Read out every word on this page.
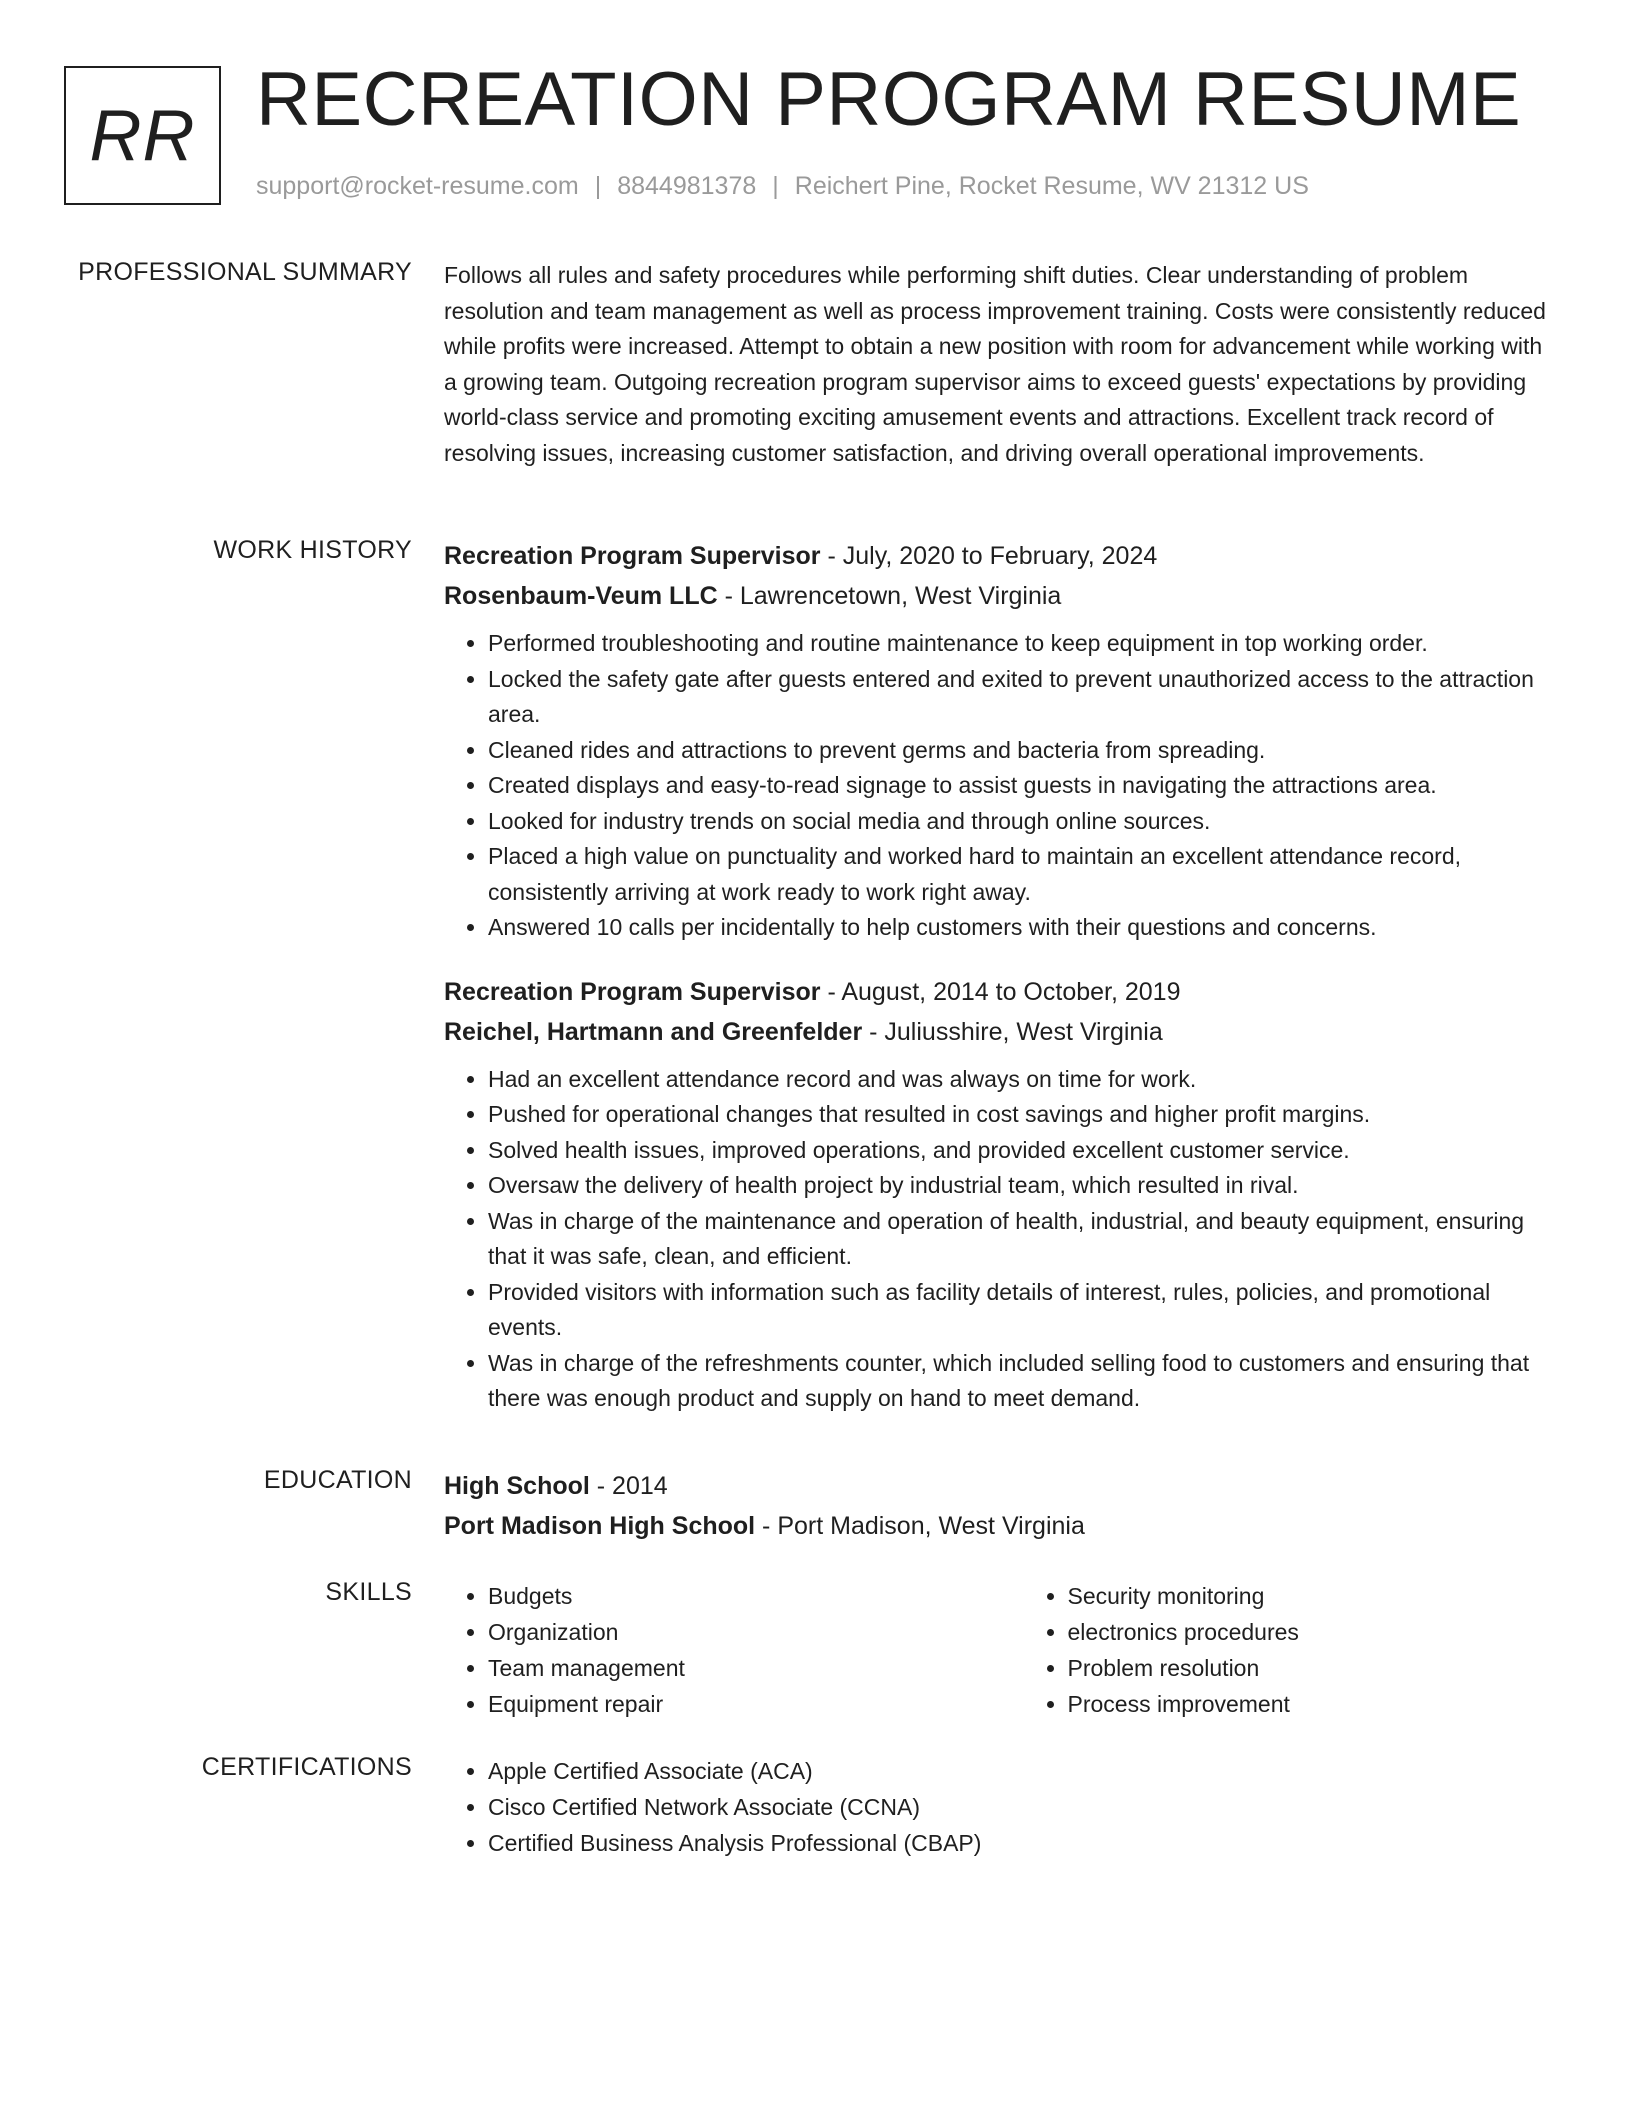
RR RECREATION PROGRAM RESUME
support@rocket-resume.com | 8844981378 | Reichert Pine, Rocket Resume, WV 21312 US
PROFESSIONAL SUMMARY Follows all rules and safety procedures while performing shift duties. Clear understanding of problem resolution and team management as well as process improvement training. Costs were consistently reduced while profits were increased. Attempt to obtain a new position with room for advancement while working with a growing team. Outgoing recreation program supervisor aims to exceed guests' expectations by providing world-class service and promoting exciting amusement events and attractions. Excellent track record of resolving issues, increasing customer satisfaction, and driving overall operational improvements.

WORK HISTORY Recreation Program Supervisor - July, 2020 to February, 2024
Rosenbaum-Veum LLC - Lawrencetown, West Virginia
• Performed troubleshooting and routine maintenance to keep equipment in top working order.
• Locked the safety gate after guests entered and exited to prevent unauthorized access to the attraction area.
• Cleaned rides and attractions to prevent germs and bacteria from spreading.
• Created displays and easy-to-read signage to assist guests in navigating the attractions area.
• Looked for industry trends on social media and through online sources.
• Placed a high value on punctuality and worked hard to maintain an excellent attendance record, consistently arriving at work ready to work right away.
• Answered 10 calls per incidentally to help customers with their questions and concerns.
Recreation Program Supervisor - August, 2014 to October, 2019
Reichel, Hartmann and Greenfelder - Juliusshire, West Virginia
• Had an excellent attendance record and was always on time for work.
• Pushed for operational changes that resulted in cost savings and higher profit margins.
• Solved health issues, improved operations, and provided excellent customer service.
• Oversaw the delivery of health project by industrial team, which resulted in rival.
• Was in charge of the maintenance and operation of health, industrial, and beauty equipment, ensuring that it was safe, clean, and efficient.
• Provided visitors with information such as facility details of interest, rules, policies, and promotional events.
• Was in charge of the refreshments counter, which included selling food to customers and ensuring that there was enough product and supply on hand to meet demand.
EDUCATION High School - 2014
Port Madison High School - Port Madison, West Virginia
SKILLS	• Budgets
• Organization
• Team management
• Equipment repair
• Security monitoring
• electronics procedures
• Problem resolution
• Process improvement
CERTIFICATIONS	• Apple Certified Associate (ACA)
• Cisco Certified Network Associate (CCNA)
• Certified Business Analysis Professional (CBAP)
